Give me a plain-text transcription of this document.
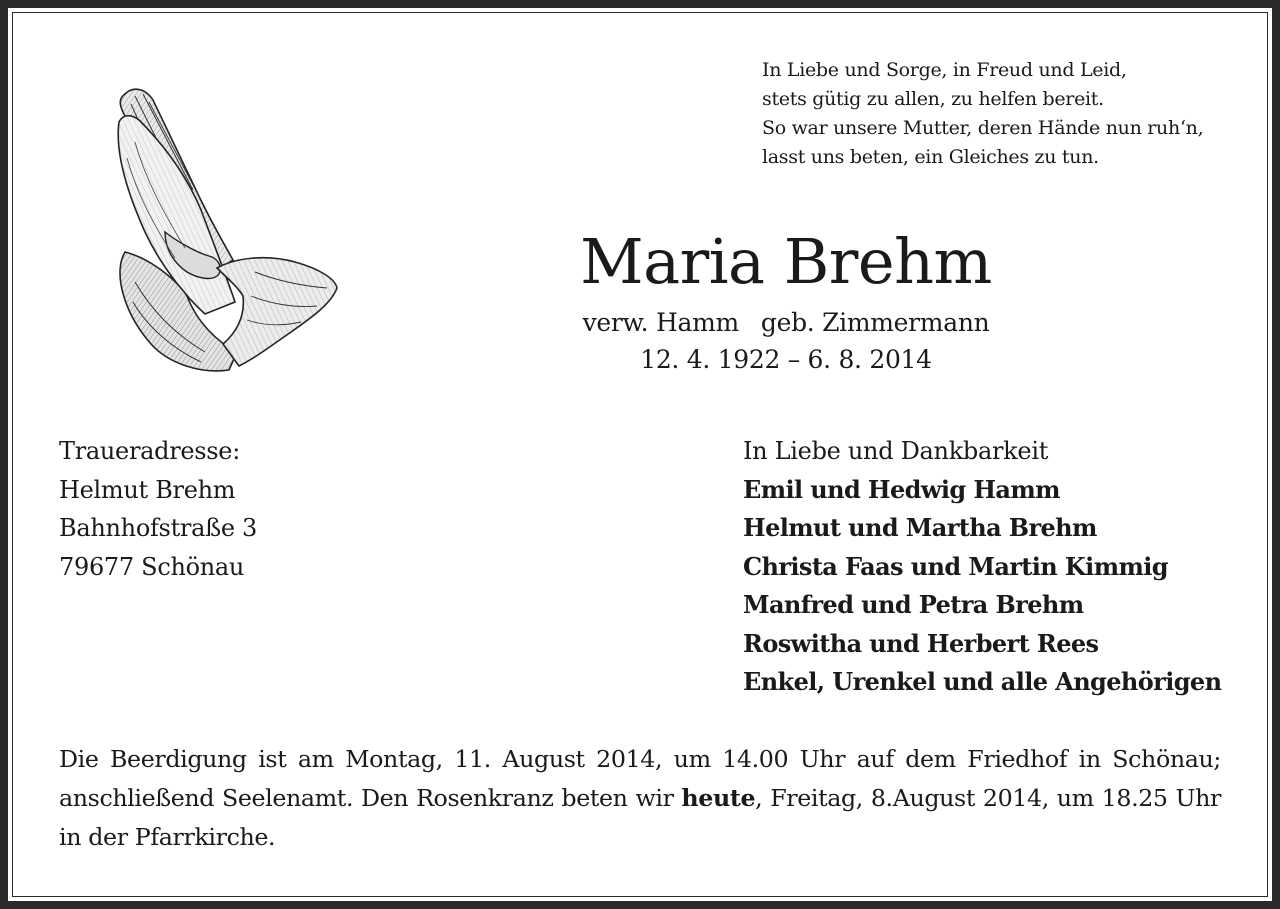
In Liebe und Sorge, in Freud und Leid,
stets gütig zu allen, zu helfen bereit.
So war unsere Mutter, deren Hände nun ruh‘n,
lasst uns beten, ein Gleiches zu tun.
Maria Brehm
verw. Hamm geb. Zimmermann
12. 4. 1922 – 6. 8. 2014
Traueradresse:
Helmut Brehm
Bahnhofstraße 3
79677 Schönau
In Liebe und Dankbarkeit
Emil und Hedwig Hamm
Helmut und Martha Brehm
Christa Faas und Martin Kimmig
Manfred und Petra Brehm
Roswitha und Herbert Rees
Enkel, Urenkel und alle Angehörigen
Die Beerdigung ist am Montag, 11. August 2014, um 14.00 Uhr auf dem Friedhof in Schönau;
anschließend Seelenamt. Den Rosenkranz beten wir heute, Freitag, 8.August 2014, um 18.25 Uhr
in der Pfarrkirche.
